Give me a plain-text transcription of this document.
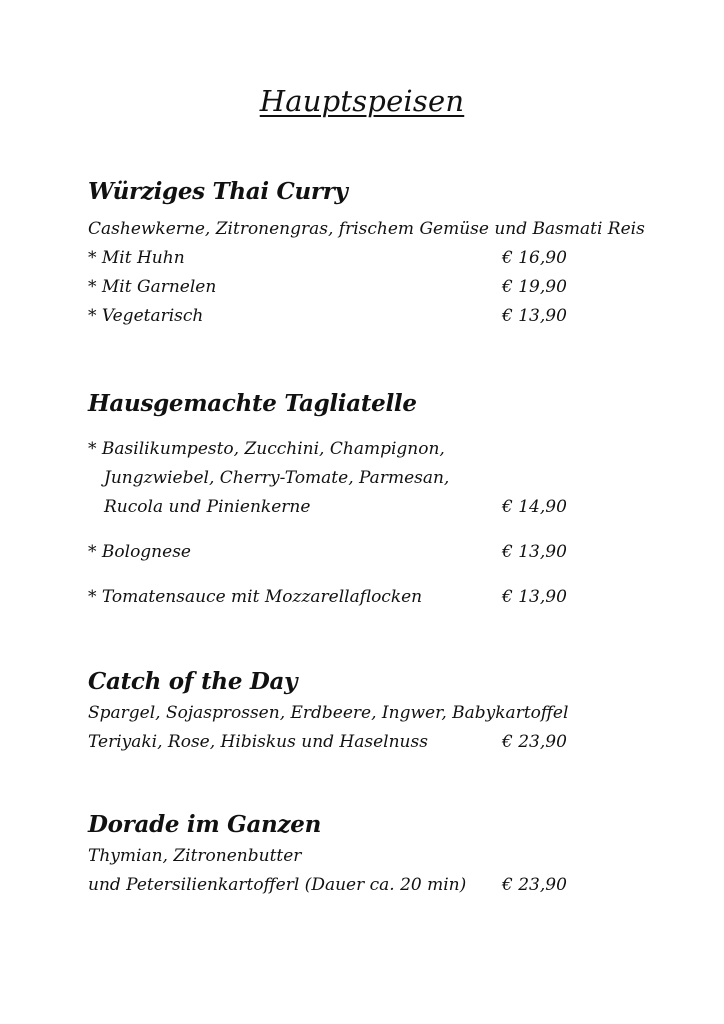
Hauptspeisen
Würziges Thai Curry
Cashewkerne, Zitronengras, frischem Gemüse und Basmati Reis
* Mit Huhn	€ 16,90
* Mit Garnelen	€ 19,90
* Vegetarisch	€ 13,90
Hausgemachte Tagliatelle
* Basilikumpesto, Zucchini, Champignon,
Jungzwiebel, Cherry-Tomate, Parmesan,
Rucola und Pinienkerne	€ 14,90
* Bolognese	€ 13,90
* Tomatensauce mit Mozzarellaflocken	€ 13,90
Catch of the Day
Spargel, Sojasprossen, Erdbeere, Ingwer, Babykartoffel
Teriyaki, Rose, Hibiskus und Haselnuss	€ 23,90
Dorade im Ganzen
Thymian, Zitronenbutter
und Petersilienkartofferl (Dauer ca. 20 min) € 23,90
